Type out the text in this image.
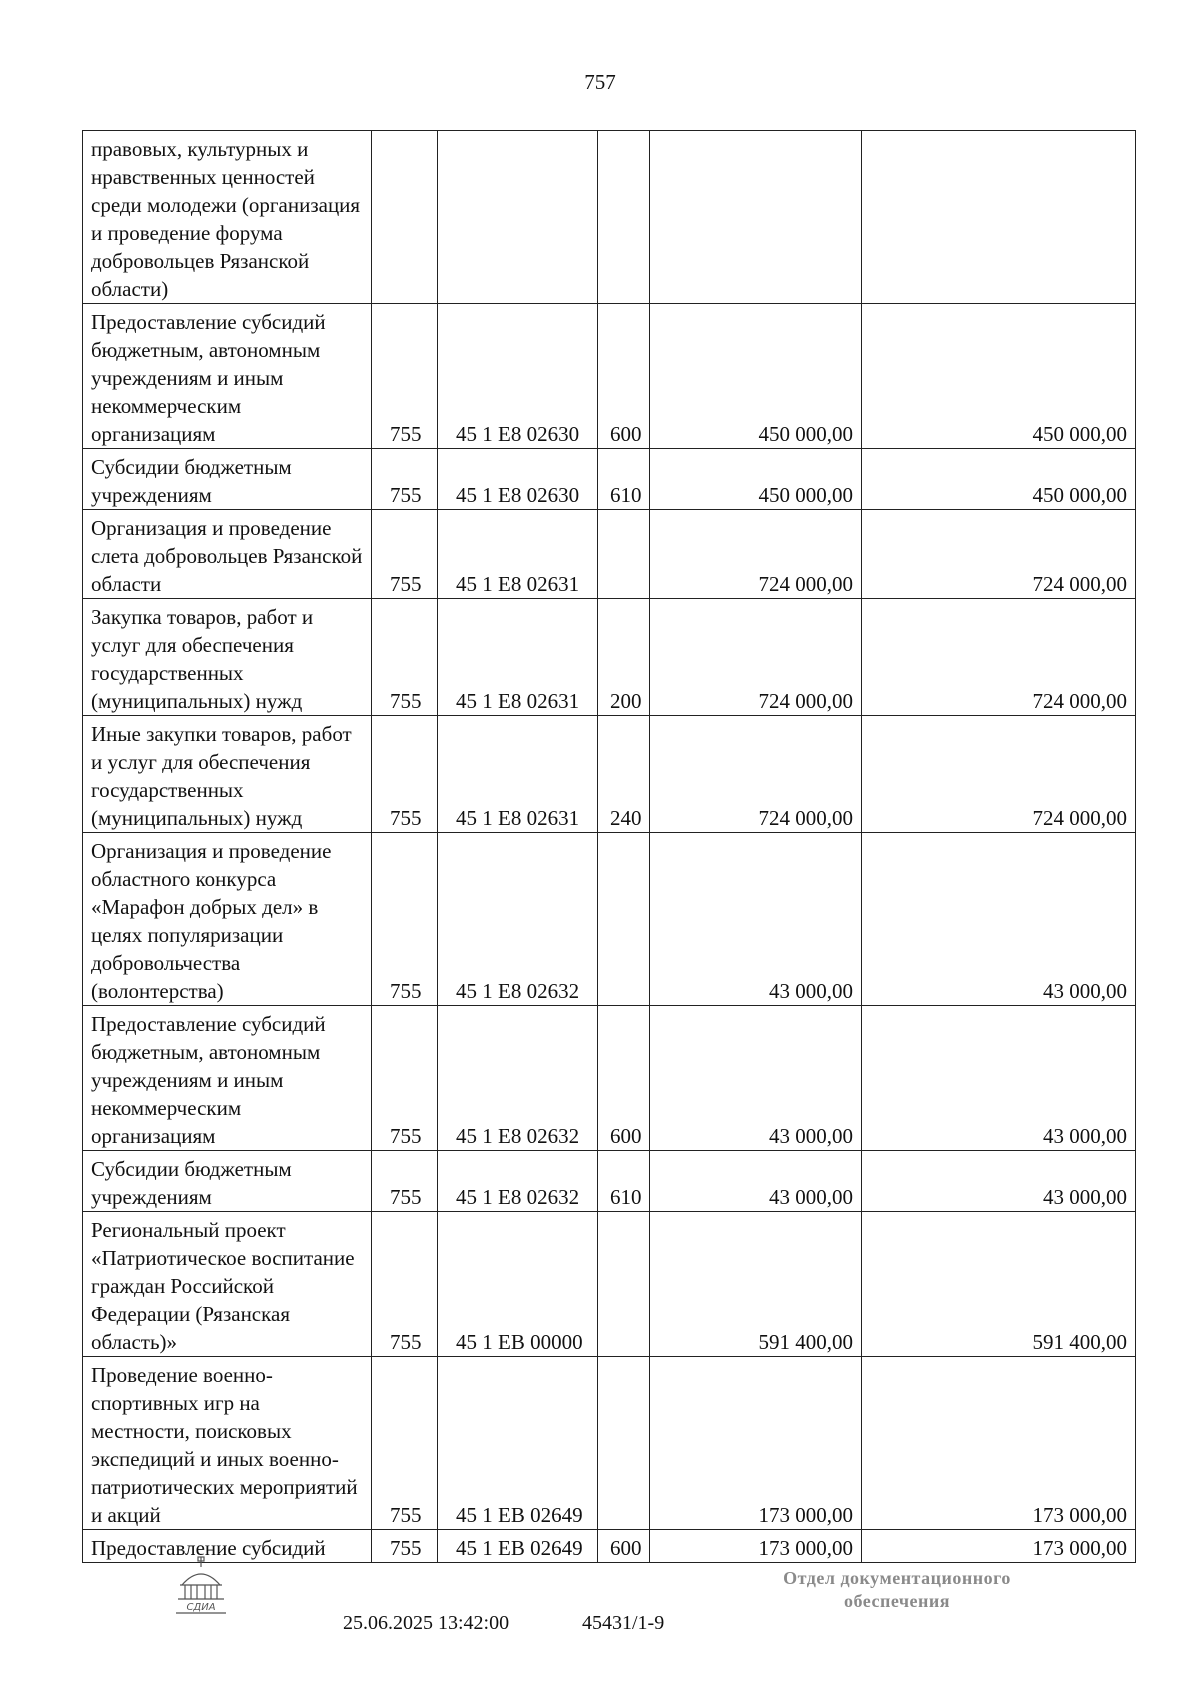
757
правовых, культурных и нравственных ценностей среди молодежи (организация и проведение форума добровольцев Рязанской области)					
Предоставление субсидий бюджетным, автономным учреждениям и иным некоммерческим организациям	755	45 1 E8 02630	600	450 000,00	450 000,00
Субсидии бюджетным учреждениям	755	45 1 E8 02630	610	450 000,00	450 000,00
Организация и проведение слета добровольцев Рязанской области	755	45 1 E8 02631		724 000,00	724 000,00
Закупка товаров, работ и услуг для обеспечения государственных (муниципальных) нужд	755	45 1 E8 02631	200	724 000,00	724 000,00
Иные закупки товаров, работ и услуг для обеспечения государственных (муниципальных) нужд	755	45 1 E8 02631	240	724 000,00	724 000,00
Организация и проведение областного конкурса «Марафон добрых дел» в целях популяризации добровольчества (волонтерства)	755	45 1 E8 02632		43 000,00	43 000,00
Предоставление субсидий бюджетным, автономным учреждениям и иным некоммерческим организациям	755	45 1 E8 02632	600	43 000,00	43 000,00
Субсидии бюджетным учреждениям	755	45 1 E8 02632	610	43 000,00	43 000,00
Региональный проект «Патриотическое воспитание граждан Российской Федерации (Рязанская область)»	755	45 1 EB 00000		591 400,00	591 400,00
Проведение военно-спортивных игр на местности, поисковых экспедиций и иных военно-патриотических мероприятий и акций	755	45 1 EB 02649		173 000,00	173 000,00
Предоставление субсидий	755	45 1 EB 02649	600	173 000,00	173 000,00
СДИА
25.06.2025 13:42:00	45431/1-9
Отдел документационного обеспечения
